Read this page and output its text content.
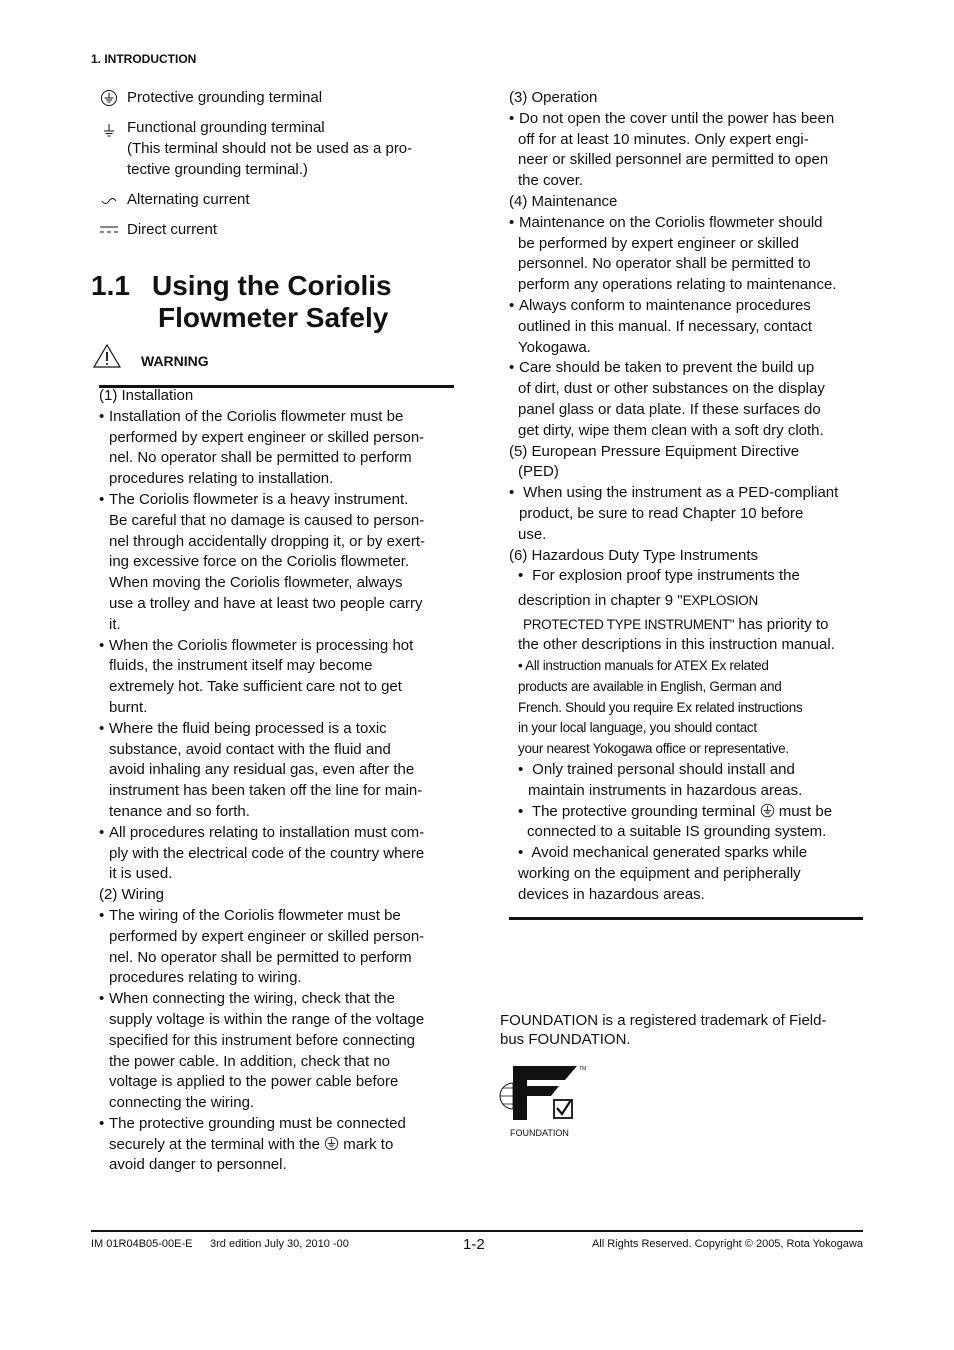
1. INTRODUCTION
Protective grounding terminal
Functional grounding terminal
(This terminal should not be used as a pro-
tective grounding terminal.)
Alternating current
Direct current
1.1 Using the Coriolis
Flowmeter Safely
WARNING
(1) Installation
• Installation of the Coriolis flowmeter must be
performed by expert engineer or skilled person-
nel. No operator shall be permitted to perform
procedures relating to installation.
• The Coriolis flowmeter is a heavy instrument.
Be careful that no damage is caused to person-
nel through accidentally dropping it, or by exert-
ing excessive force on the Coriolis flowmeter.
When moving the Coriolis flowmeter, always
use a trolley and have at least two people carry
it.
• When the Coriolis flowmeter is processing hot
fluids, the instrument itself may become
extremely hot. Take sufficient care not to get
burnt.
• Where the fluid being processed is a toxic
substance, avoid contact with the fluid and
avoid inhaling any residual gas, even after the
instrument has been taken off the line for main-
tenance and so forth.
• All procedures relating to installation must com-
ply with the electrical code of the country where
it is used.
(2) Wiring
• The wiring of the Coriolis flowmeter must be
performed by expert engineer or skilled person-
nel. No operator shall be permitted to perform
procedures relating to wiring.
• When connecting the wiring, check that the
supply voltage is within the range of the voltage
specified for this instrument before connecting
the power cable. In addition, check that no
voltage is applied to the power cable before
connecting the wiring.
• The protective grounding must be connected
securely at the terminal with the mark to
avoid danger to personnel.
(3) Operation
• Do not open the cover until the power has been
off for at least 10 minutes. Only expert engi-
neer or skilled personnel are permitted to open
the cover.
(4) Maintenance
• Maintenance on the Coriolis flowmeter should
be performed by expert engineer or skilled
personnel. No operator shall be permitted to
perform any operations relating to maintenance.
• Always conform to maintenance procedures
outlined in this manual. If necessary, contact
Yokogawa.
• Care should be taken to prevent the build up
of dirt, dust or other substances on the display
panel glass or data plate. If these surfaces do
get dirty, wipe them clean with a soft dry cloth.
(5) European Pressure Equipment Directive
(PED)
• When using the instrument as a PED-compliant
product, be sure to read Chapter 10 before
use.
(6) Hazardous Duty Type Instruments
• For explosion proof type instruments the
description in chapter 9 "EXPLOSION
PROTECTED TYPE INSTRUMENT" has priority to
the other descriptions in this instruction manual.
• All instruction manuals for ATEX Ex related
products are available in English, German and
French. Should you require Ex related instructions
in your local language, you should contact
your nearest Yokogawa office or representative.
• Only trained personal should install and
maintain instruments in hazardous areas.
• The protective grounding terminal must be
connected to a suitable IS grounding system.
• Avoid mechanical generated sparks while
working on the equipment and peripherally
devices in hazardous areas.
FOUNDATION is a registered trademark of Field-
bus FOUNDATION.
TM
FOUNDATION
IM 01R04B05-00E-E 3rd edition July 30, 2010 -00	1-2	All Rights Reserved. Copyright © 2005, Rota Yokogawa
